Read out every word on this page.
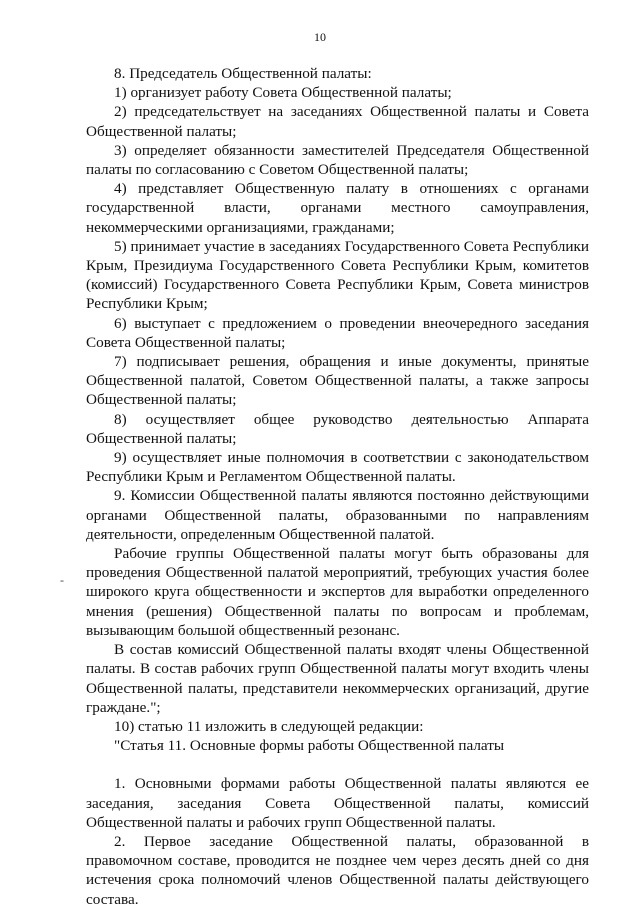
10
-

8. Председатель Общественной палаты:

1) организует работу Совета Общественной палаты;

2) председательствует на заседаниях Общественной палаты и Совета Общественной палаты;

3) определяет обязанности заместителей Председателя Общественной палаты по согласованию с Советом Общественной палаты;

4) представляет Общественную палату в отношениях с органами государственной власти, органами местного самоуправления, некоммерческими организациями, гражданами;

5) принимает участие в заседаниях Государственного Совета Республики Крым, Президиума Государственного Совета Республики Крым, комитетов (комиссий) Государственного Совета Республики Крым, Совета министров Республики Крым;

6) выступает с предложением о проведении внеочередного заседания Совета Общественной палаты;

7) подписывает решения, обращения и иные документы, принятые Общественной палатой, Советом Общественной палаты, а также запросы Общественной палаты;

8) осуществляет общее руководство деятельностью Аппарата Общественной палаты;

9) осуществляет иные полномочия в соответствии с законодательством Республики Крым и Регламентом Общественной палаты.

9. Комиссии Общественной палаты являются постоянно действующими органами Общественной палаты, образованными по направлениям деятельности, определенным Общественной палатой.

Рабочие группы Общественной палаты могут быть образованы для проведения Общественной палатой мероприятий, требующих участия более широкого круга общественности и экспертов для выработки определенного мнения (решения) Общественной палаты по вопросам и проблемам, вызывающим большой общественный резонанс.

В состав комиссий Общественной палаты входят члены Общественной палаты. В состав рабочих групп Общественной палаты могут входить члены Общественной палаты, представители некоммерческих организаций, другие граждане.";

10) статью 11 изложить в следующей редакции:

"Статья 11. Основные формы работы Общественной палаты

1. Основными формами работы Общественной палаты являются ее заседания, заседания Совета Общественной палаты, комиссий Общественной палаты и рабочих групп Общественной палаты.

2. Первое заседание Общественной палаты, образованной в правомочном составе, проводится не позднее чем через десять дней со дня истечения срока полномочий членов Общественной палаты действующего состава.
